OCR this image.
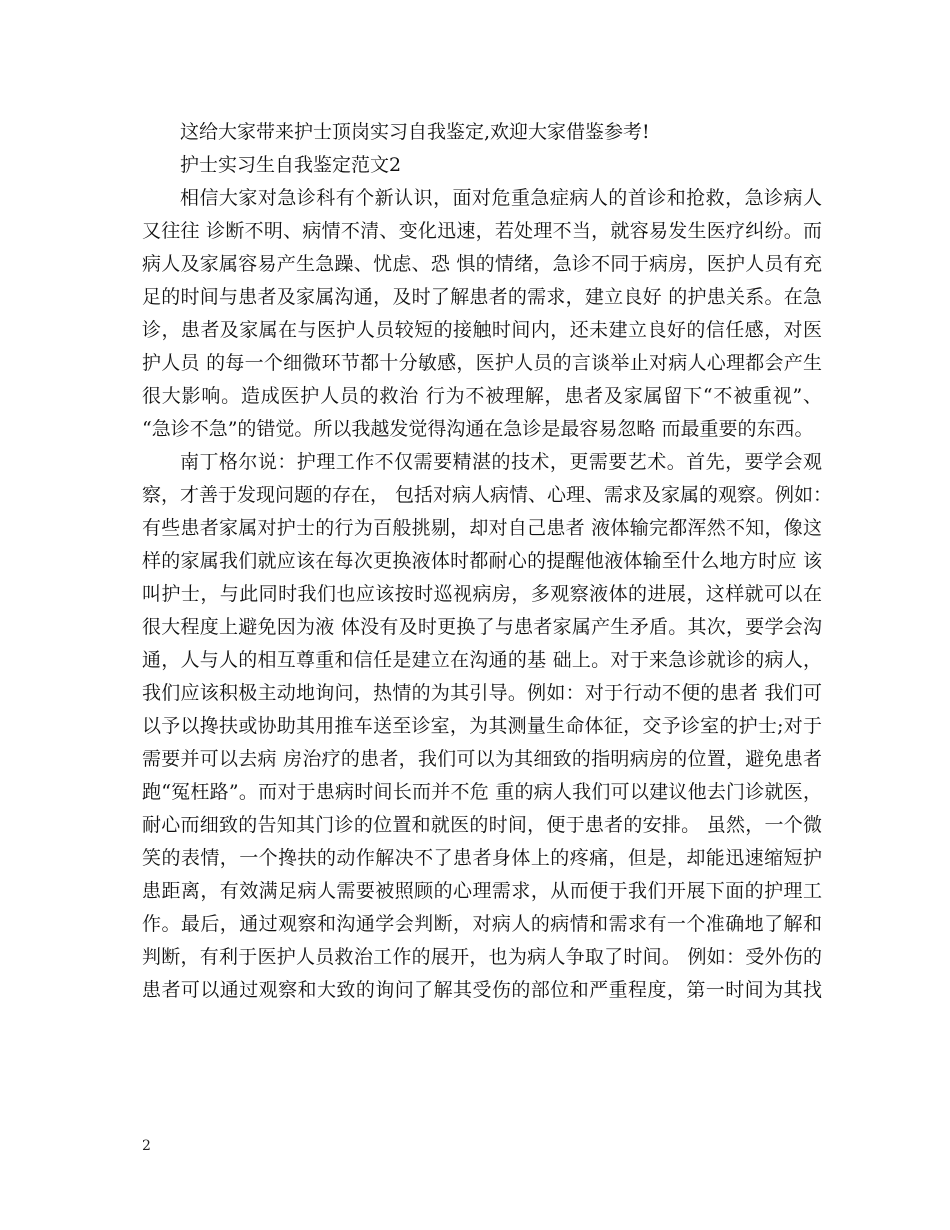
这给大家带来护士顶岗实习自我鉴定,欢迎大家借鉴参考!

护士实习生自我鉴定范文2

相信大家对急诊科有个新认识，面对危重急症病人的首诊和抢救，急诊病人

又往往 诊断不明、病情不清、变化迅速，若处理不当，就容易发生医疗纠纷。而

病人及家属容易产生急躁、忧虑、恐 惧的情绪，急诊不同于病房，医护人员有充

足的时间与患者及家属沟通，及时了解患者的需求，建立良好 的护患关系。在急

诊，患者及家属在与医护人员较短的接触时间内，还未建立良好的信任感，对医

护人员 的每一个细微环节都十分敏感，医护人员的言谈举止对病人心理都会产生

很大影响。造成医护人员的救治 行为不被理解，患者及家属留下“不被重视”、

“急诊不急”的错觉。所以我越发觉得沟通在急诊是最容易忽略 而最重要的东西。

南丁格尔说：护理工作不仅需要精湛的技术，更需要艺术。首先，要学会观

察，才善于发现问题的存在， 包括对病人病情、心理、需求及家属的观察。例如：

有些患者家属对护士的行为百般挑剔，却对自己患者 液体输完都浑然不知，像这

样的家属我们就应该在每次更换液体时都耐心的提醒他液体输至什么地方时应 该

叫护士，与此同时我们也应该按时巡视病房，多观察液体的进展，这样就可以在

很大程度上避免因为液 体没有及时更换了与患者家属产生矛盾。其次，要学会沟

通，人与人的相互尊重和信任是建立在沟通的基 础上。对于来急诊就诊的病人，

我们应该积极主动地询问，热情的为其引导。例如：对于行动不便的患者 我们可

以予以搀扶或协助其用推车送至诊室，为其测量生命体征，交予诊室的护士;对于

需要并可以去病 房治疗的患者，我们可以为其细致的指明病房的位置，避免患者

跑“冤枉路”。而对于患病时间长而并不危 重的病人我们可以建议他去门诊就医，

耐心而细致的告知其门诊的位置和就医的时间，便于患者的安排。 虽然，一个微

笑的表情，一个搀扶的动作解决不了患者身体上的疼痛，但是，却能迅速缩短护

患距离，有效满足病人需要被照顾的心理需求，从而便于我们开展下面的护理工

作。最后，通过观察和沟通学会判断，对病人的病情和需求有一个准确地了解和

判断，有利于医护人员救治工作的展开，也为病人争取了时间。 例如：受外伤的

患者可以通过观察和大致的询问了解其受伤的部位和严重程度，第一时间为其找

2
